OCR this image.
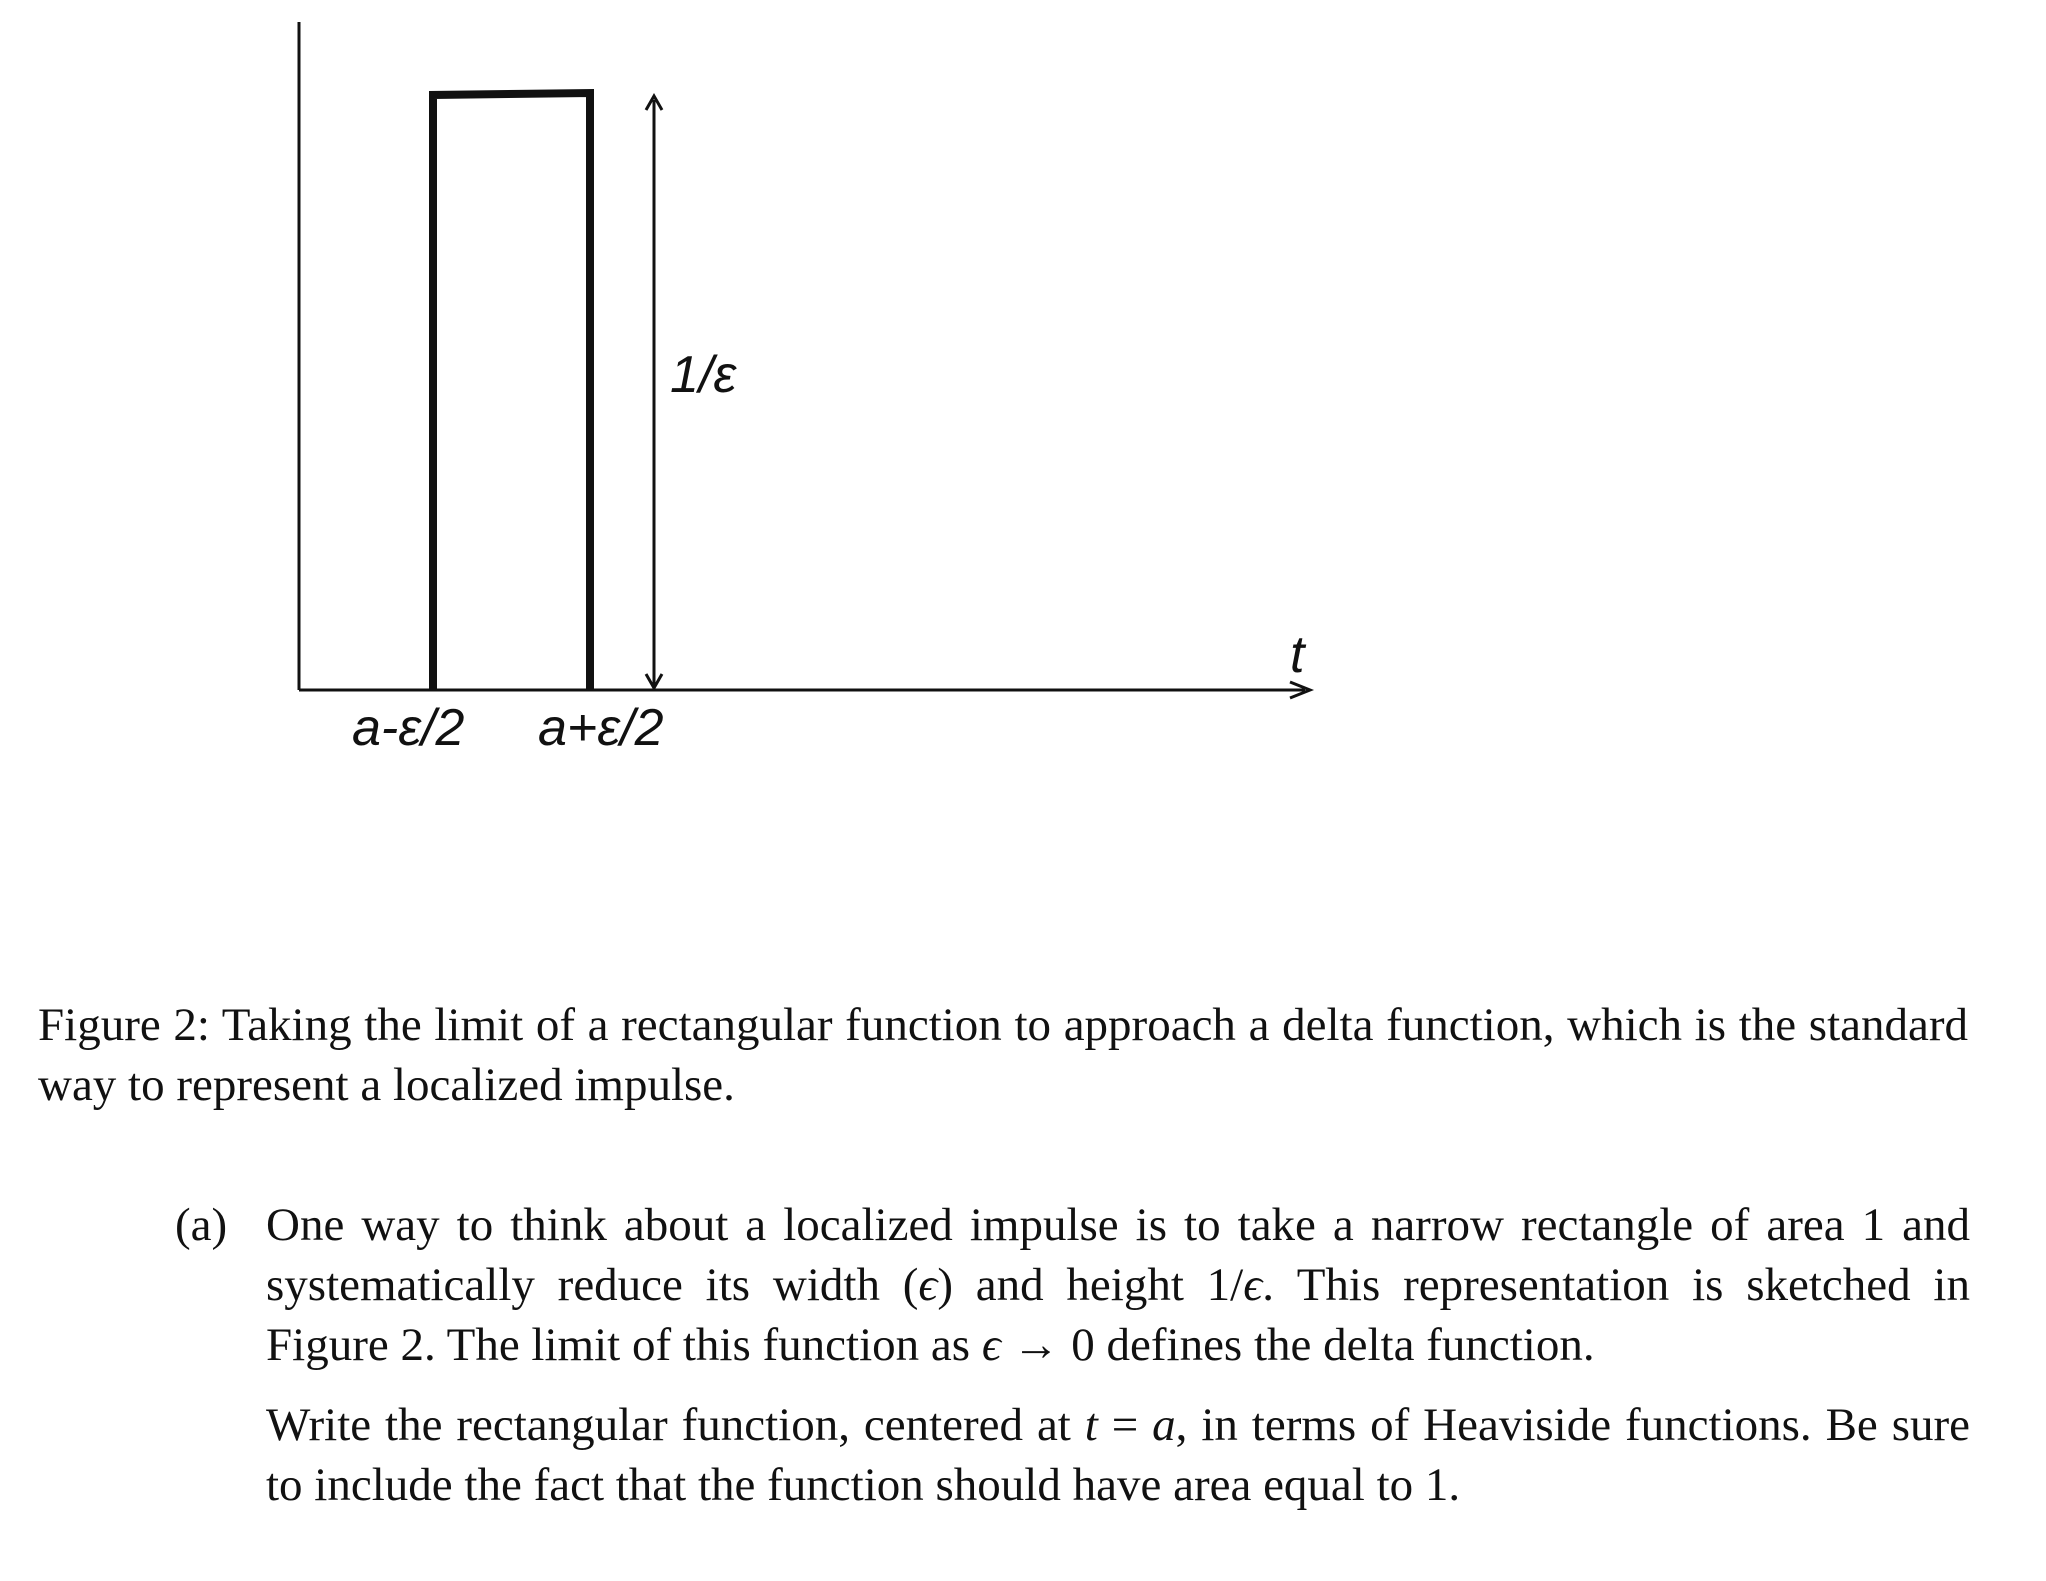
1/ε
t
a-ε/2 a+ε/2
Figure 2: Taking the limit of a rectangular function to approach a delta function, which is the standard way to represent a localized impulse.
(a) One way to think about a localized impulse is to take a narrow rectangle of area 1 and systematically reduce its width (ϵ) and height 1/ϵ. This representation is sketched in Figure 2. The limit of this function as ϵ → 0 defines the delta function.

Write the rectangular function, centered at t = a, in terms of Heaviside functions. Be sure to include the fact that the function should have area equal to 1.
